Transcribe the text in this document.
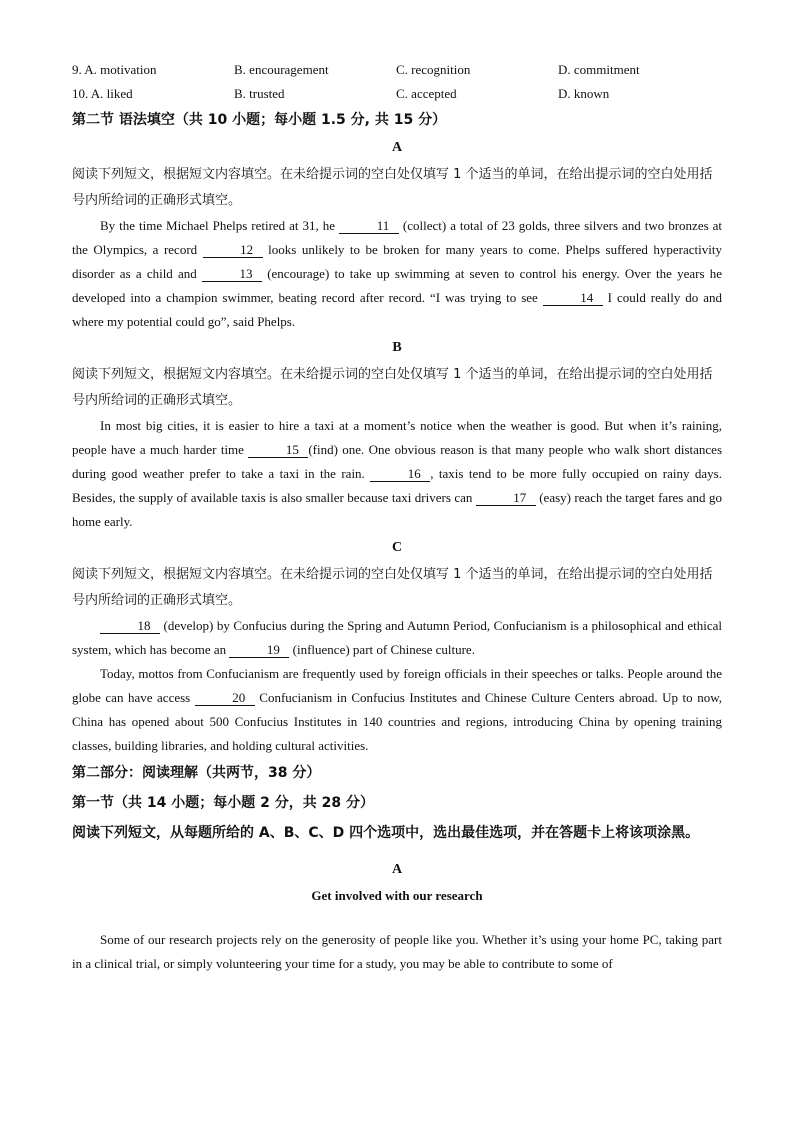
9. A. motivation	B. encouragement	C. recognition	D. commitment
10. A. liked	B. trusted	C. accepted	D. known
第二节 语法填空（共 10 小题；每小题 1.5 分, 共 15 分）
A
阅读下列短文，根据短文内容填空。在未给提示词的空白处仅填写 1 个适当的单词，在给出提示词的空白处用括号内所给词的正确形式填空。
By the time Michael Phelps retired at 31, he	11 (collect) a total of 23 golds, three silvers and two bronzes at the Olympics, a record	12 looks unlikely to be broken for many years to come. Phelps suffered hyperactivity disorder as a child and	13 (encourage) to take up swimming at seven to control his energy. Over the years he developed into a champion swimmer, beating record after record. “I was trying to see	14 I could really do and where my potential could go”, said Phelps.
B
阅读下列短文，根据短文内容填空。在未给提示词的空白处仅填写 1 个适当的单词，在给出提示词的空白处用括号内所给词的正确形式填空。
In most big cities, it is easier to hire a taxi at a moment’s notice when the weather is good. But when it’s raining, people have a much harder time	15 (find) one. One obvious reason is that many people who walk short distances during good weather prefer to take a taxi in the rain.	16 , taxis tend to be more fully occupied on rainy days. Besides, the supply of available taxis is also smaller because taxi drivers can	17 (easy) reach the target fares and go home early.
C
阅读下列短文，根据短文内容填空。在未给提示词的空白处仅填写 1 个适当的单词，在给出提示词的空白处用括号内所给词的正确形式填空。
18 (develop) by Confucius during the Spring and Autumn Period, Confucianism is a philosophical and ethical system, which has become an	19 (influence) part of Chinese culture.
Today, mottos from Confucianism are frequently used by foreign officials in their speeches or talks. People around the globe can have access	20 Confucianism in Confucius Institutes and Chinese Culture Centers abroad. Up to now, China has opened about 500 Confucius Institutes in 140 countries and regions, introducing China by opening training classes, building libraries, and holding cultural activities.
第二部分：阅读理解（共两节，38 分）
第一节（共 14 小题；每小题 2 分，共 28 分）
阅读下列短文，从每题所给的 A、B、C、D 四个选项中，选出最佳选项，并在答题卡上将该项涂黑。
A
Get involved with our research
Some of our research projects rely on the generosity of people like you. Whether it’s using your home PC, taking part in a clinical trial, or simply volunteering your time for a study, you may be able to contribute to some of
